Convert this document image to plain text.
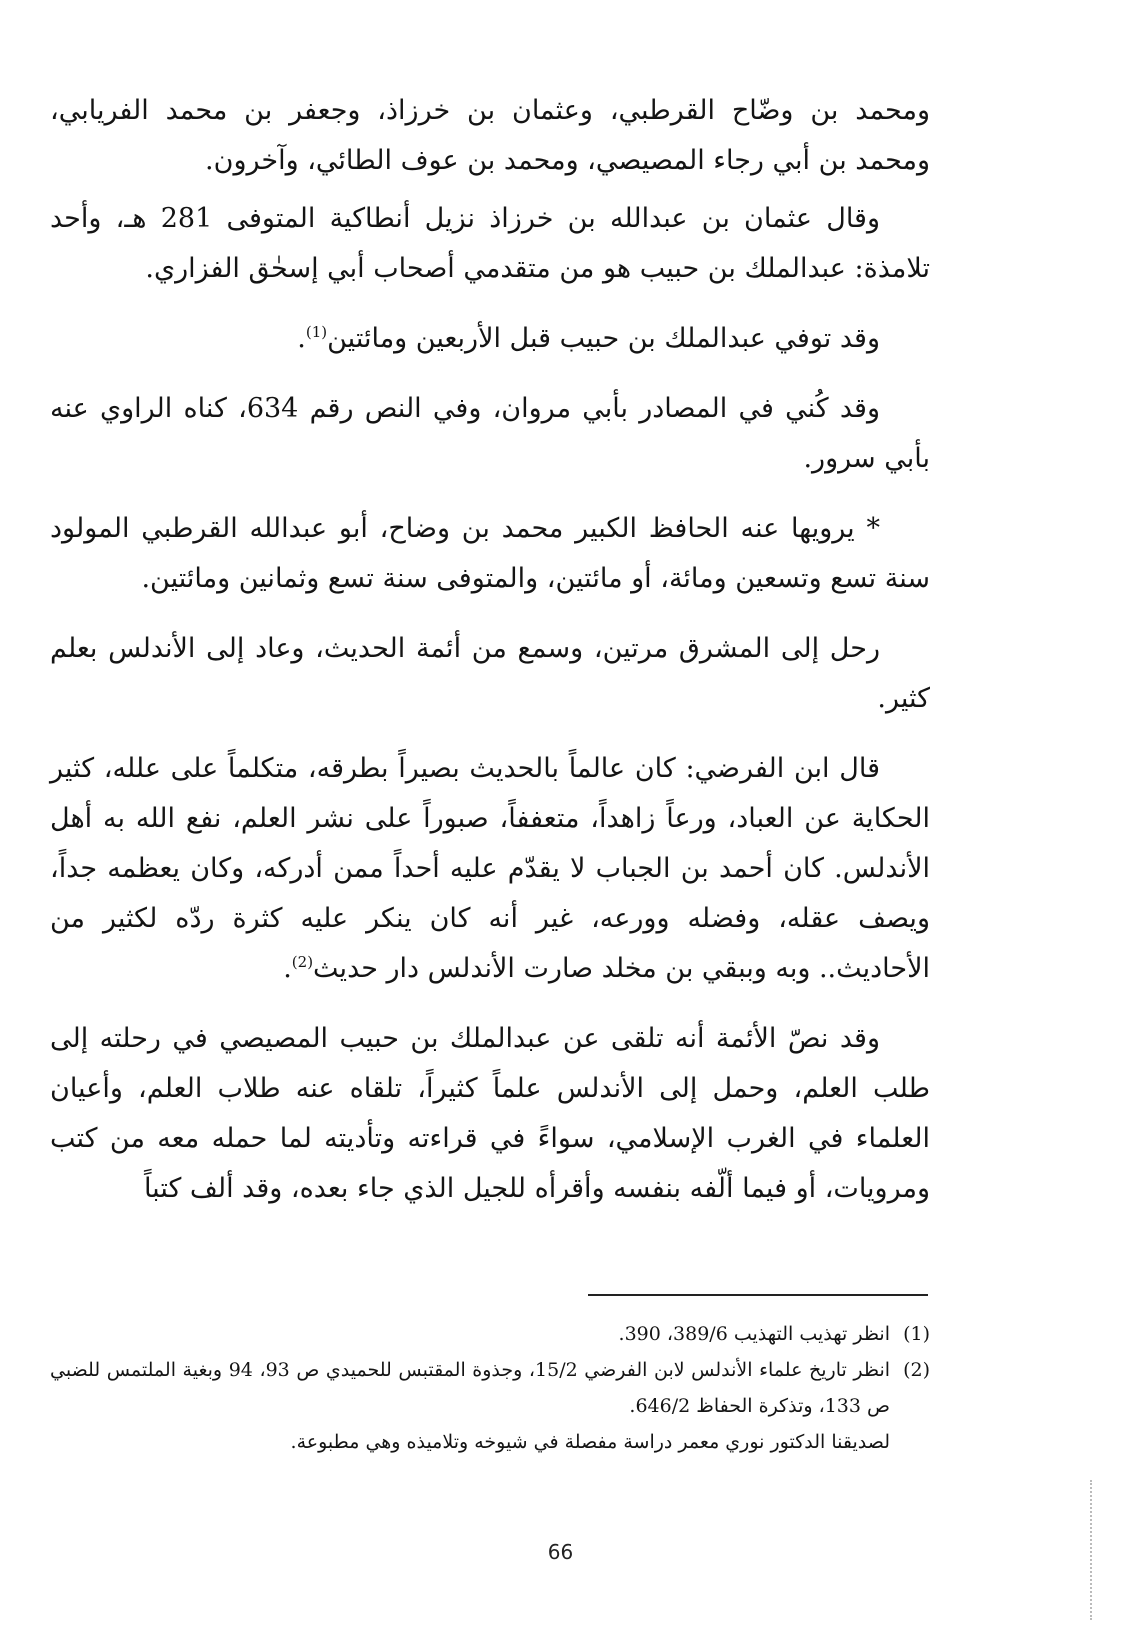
ومحمد بن وضّاح القرطبي، وعثمان بن خرزاذ، وجعفر بن محمد الفريابي، ومحمد بن أبي رجاء المصيصي، ومحمد بن عوف الطائي، وآخرون.

وقال عثمان بن عبدالله بن خرزاذ نزيل أنطاكية المتوفى 281 هـ، وأحد تلامذة: عبدالملك بن حبيب هو من متقدمي أصحاب أبي إسحٰق الفزاري.

وقد توفي عبدالملك بن حبيب قبل الأربعين ومائتين$^{(1)}$.

وقد كُني في المصادر بأبي مروان، وفي النص رقم 634، كناه الراوي عنه بأبي سرور.

* يرويها عنه الحافظ الكبير محمد بن وضاح، أبو عبدالله القرطبي المولود سنة تسع وتسعين ومائة، أو مائتين، والمتوفى سنة تسع وثمانين ومائتين.

رحل إلى المشرق مرتين، وسمع من أئمة الحديث، وعاد إلى الأندلس بعلم كثير.

قال ابن الفرضي: كان عالماً بالحديث بصيراً بطرقه، متكلماً على علله، كثير الحكاية عن العباد، ورعاً زاهداً، متعففاً، صبوراً على نشر العلم، نفع الله به أهل الأندلس. كان أحمد بن الجباب لا يقدّم عليه أحداً ممن أدركه، وكان يعظمه جداً، ويصف عقله، وفضله وورعه، غير أنه كان ينكر عليه كثرة ردّه لكثير من الأحاديث.. وبه وببقي بن مخلد صارت الأندلس دار حديث$^{(2)}$.

وقد نصّ الأئمة أنه تلقى عن عبدالملك بن حبيب المصيصي في رحلته إلى طلب العلم، وحمل إلى الأندلس علماً كثيراً، تلقاه عنه طلاب العلم، وأعيان العلماء في الغرب الإسلامي، سواءً في قراءته وتأديته لما حمله معه من كتب ومرويات، أو فيما ألّفه بنفسه وأقرأه للجيل الذي جاء بعده، وقد ألف كتباً

(1)
انظر تهذيب التهذيب 389/6، 390.

(2)
انظر تاريخ علماء الأندلس لابن الفرضي 15/2، وجذوة المقتبس للحميدي ص 93، 94 وبغية الملتمس للضبي ص 133، وتذكرة الحفاظ 646/2.

لصديقنا الدكتور نوري معمر دراسة مفصلة في شيوخه وتلاميذه وهي مطبوعة.

66
